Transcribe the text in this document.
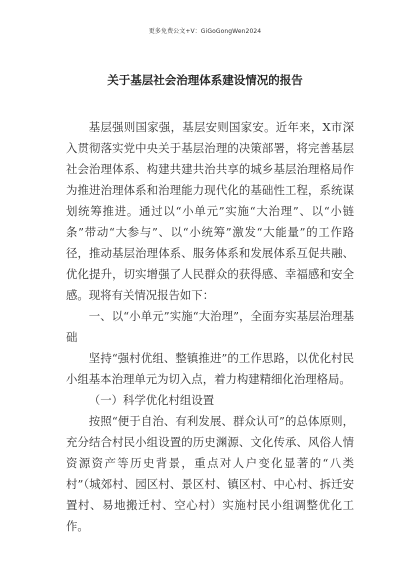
更多免费公文+V：GiGoGongWen2024
关于基层社会治理体系建设情况的报告

基层强则国家强，基层安则国家安。近年来，X市深入贯彻落实党中央关于基层治理的决策部署，将完善基层社会治理体系、构建共建共治共享的城乡基层治理格局作为推进治理体系和治理能力现代化的基础性工程，系统谋划统筹推进。通过以“小单元”实施“大治理”、以“小链条”带动“大参与”、以“小统筹”激发“大能量”的工作路径，推动基层治理体系、服务体系和发展体系互促共融、优化提升，切实增强了人民群众的获得感、幸福感和安全感。现将有关情况报告如下：

一、以“小单元”实施“大治理”，全面夯实基层治理基础

坚持“强村优组、整镇推进”的工作思路，以优化村民小组基本治理单元为切入点，着力构建精细化治理格局。

（一）科学优化村组设置

按照“便于自治、有利发展、群众认可”的总体原则，充分结合村民小组设置的历史渊源、文化传承、风俗人情资源资产等历史背景，重点对人户变化显著的“八类村”（城郊村、园区村、景区村、镇区村、中心村、拆迁安置村、易地搬迁村、空心村）实施村民小组调整优化工作。
